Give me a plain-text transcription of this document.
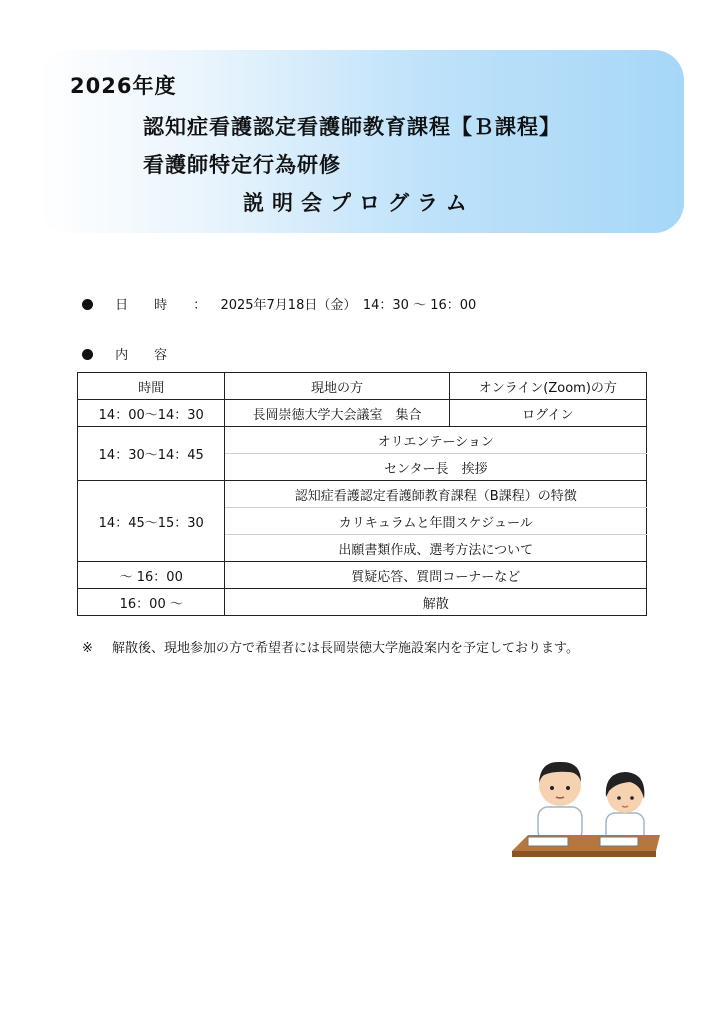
2026年度
認知症看護認定看護師教育課程【Ｂ課程】
看護師特定行為研修
説明会プログラム
日　　時 ： 2025年7月18日（金）　14：30 ～ 16：00
内　　容
時間	現地の方	オンライン(Zoom)の方
14：00～14：30	長岡崇徳大学大会議室　集合	ログイン
14：30～14：45	オリエンテーション	
	センター長　挨拶	
14：45～15：30	認知症看護認定看護師教育課程（B課程）の特徴	
	カリキュラムと年間スケジュール	
	出願書類作成、選考方法について	
～ 16：00	質疑応答、質問コーナーなど	
16：00 ～	解散	
※ 解散後、現地参加の方で希望者には長岡崇徳大学施設案内を予定しております。
